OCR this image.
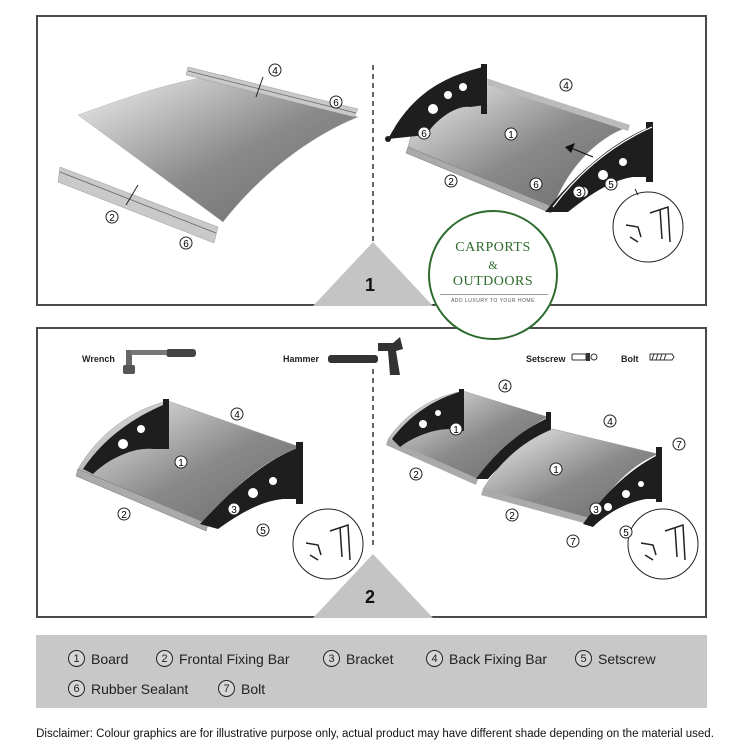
4
6
2
6
4
1
6
2	6
3
5
1
4
1
2	3
5
4
1
2
4
1
2
3
7
7
5
Wrench	Hammer	Setscrew	Bolt
2
CARPORTS
&
OUTDOORS
ADD LUXURY TO YOUR HOME
1 Board	2 Frontal Fixing Bar	3 Bracket	4 Back Fixing Bar	5 Setscrew
6 Rubber Sealant	7 Bolt
Disclaimer: Colour graphics are for illustrative purpose only, actual product may have different shade depending on the material used.
